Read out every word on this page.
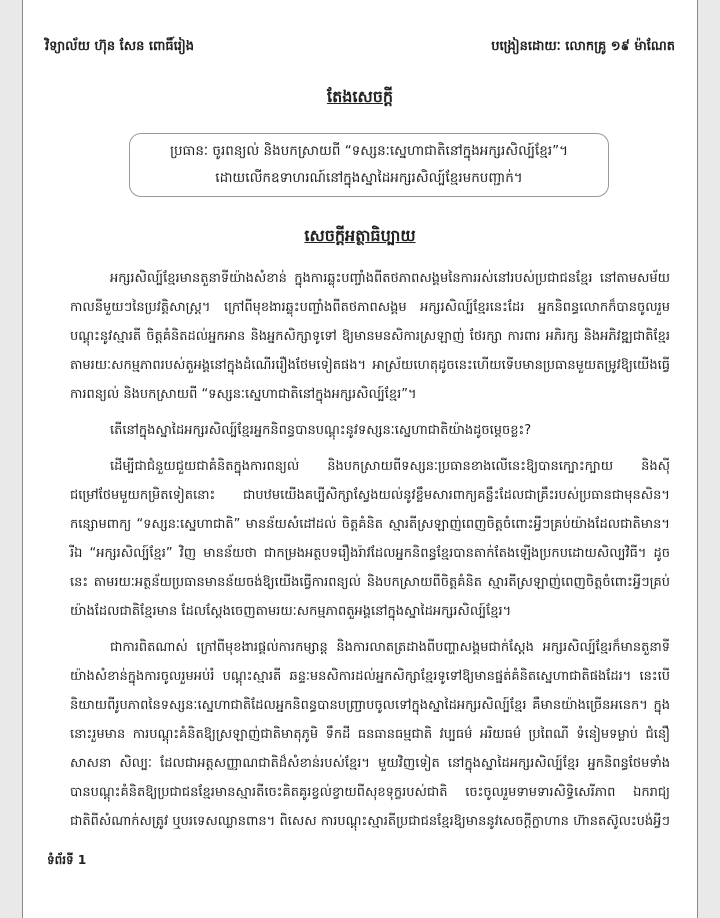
វិទ្យាល័យ ហ៊ុន សែន ពោធិ៍រៀង	បង្រៀនដោយៈ លោកគ្រូ ១៩ ម៉ាណែត
តែងសេចក្តី
ប្រធានៈ ចូរពន្យល់ និងបកស្រាយពី “ទស្សនៈស្នេហាជាតិនៅក្នុងអក្សរសិល្ប៍ខ្មែរ”។
ដោយលើកឧទាហរណ៍នៅក្នុងស្នាដៃអក្សរសិល្ប៍ខ្មែរមកបញ្ជាក់។
សេចក្តីអត្ថាធិប្បាយ

អក្សរសិល្ប៍ខ្មែរមានតួនាទីយ៉ាងសំខាន់ ក្នុងការឆ្លុះបញ្ចាំងពីតថភាពសង្គមនៃការរស់នៅរបស់ប្រជាជនខ្មែរ នៅតាមសម័យកាលនីមួយៗនៃប្រវត្តិសាស្ត្រ។ ក្រៅពីមុខងារឆ្លុះបញ្ចាំងពីតថភាពសង្គម អក្សរសិល្ប៍ខ្មែរនេះដែរ អ្នកនិពន្ធលោកក៏បានចូលរួមបណ្តុះនូវស្មារតី ចិត្តគំនិតដល់អ្នកអាន និងអ្នកសិក្សាទូទៅ ឱ្យមានមនសិការស្រឡាញ់ ថែរក្សា ការពារ អភិរក្ស និងអភិវឌ្ឍជាតិខ្មែរ តាមរយៈសកម្មភាពរបស់តួអង្គនៅក្នុងដំណើររឿងថែមទៀតផង។ អាស្រ័យហេតុដូចនេះហើយទើបមានប្រធានមួយតម្រូវឱ្យយើងធ្វើការពន្យល់ និងបកស្រាយពី “ទស្សនៈស្នេហាជាតិនៅក្នុងអក្សរសិល្ប៍ខ្មែរ”។

តើនៅក្នុងស្នាដៃអក្សរសិល្ប៍ខ្មែរអ្នកនិពន្ធបានបណ្តុះនូវទស្សនៈស្នេហាជាតិយ៉ាងដូចម្តេចខ្លះ?

ដើម្បីជាជំនួយជួយជាគំនិតក្នុងការពន្យល់ និងបកស្រាយពីទស្សនៈប្រធានខាងលើនេះឱ្យបានក្បោះក្បាយ និងស៊ីជម្រៅថែមមួយកម្រិតទៀតនោះ ជាបឋមយើងគប្បីសិក្សាស្វែងយល់នូវខ្លឹមសារពាក្យគន្លឹះដែលជាគ្រឹះរបស់ប្រធានជាមុនសិន។ កន្សោមពាក្យ “ទស្សនៈស្នេហាជាតិ” មានន័យសំដៅដល់ ចិត្តគំនិត ស្មារតីស្រឡាញ់ពេញចិត្តចំពោះអ្វីៗគ្រប់យ៉ាងដែលជាតិមាន។ រីឯ “អក្សរសិល្ប៍ខ្មែរ” វិញ មានន័យថា ជាកម្រងអត្ថបទរឿងរ៉ាវដែលអ្នកនិពន្ធខ្មែរបានតាក់តែងឡើងប្រកបដោយសិល្បវិធី។ ដូចនេះ តាមរយៈអត្ថន័យប្រធានមានន័យចង់ឱ្យយើងធ្វើការពន្យល់ និងបកស្រាយពីចិត្តគំនិត ស្មារតីស្រឡាញ់ពេញចិត្តចំពោះអ្វីៗគ្រប់យ៉ាងដែលជាតិខ្មែរមាន ដែលស្តែងចេញតាមរយៈសកម្មភាពតួអង្គនៅក្នុងស្នាដៃអក្សរសិល្ប៍ខ្មែរ។

ជាការពិតណាស់ ក្រៅពីមុខងារផ្តល់ការកម្សាន្ត និងការលាតត្រដាងពីបញ្ហាសង្គមជាក់ស្តែង អក្សរសិល្ប៍ខ្មែរក៏មានតួនាទីយ៉ាងសំខាន់ក្នុងការចូលរួមអប់រំ បណ្តុះស្មារតី ឆន្ទៈមនសិការដល់អ្នកសិក្សាខ្មែរទូទៅឱ្យមានផ្នត់គំនិតស្នេហាជាតិផងដែរ។ នេះបើនិយាយពីរូបភាពនៃទស្សនៈស្នេហាជាតិដែលអ្នកនិពន្ធបានបញ្ជ្រាបចូលទៅក្នុងស្នាដៃអក្សរសិល្ប៍ខ្មែរ គឺមានយ៉ាងច្រើនអនេក។ ក្នុងនោះរួមមាន ការបណ្តុះគំនិតឱ្យស្រឡាញ់ជាតិមាតុភូមិ ទឹកដី ធនធានធម្មជាតិ វប្បធម៌ អរិយធម៌ ប្រពៃណី ទំនៀមទម្លាប់ ជំនឿ សាសនា សិល្បៈ ដែលជាអត្តសញ្ញាណជាតិដ៏សំខាន់របស់ខ្មែរ។ មួយវិញទៀត នៅក្នុងស្នាដៃអក្សរសិល្ប៍ខ្មែរ អ្នកនិពន្ធថែមទាំងបានបណ្តុះគំនិតឱ្យប្រជាជនខ្មែរមានស្មារតីចេះគិតគូរខ្វល់ខ្វាយពីសុខទុក្ខរបស់ជាតិ ចេះចូលរួមទាមទារសិទ្ធិសេរីភាព ឯករាជ្យជាតិពីសំណាក់សត្រូវ ឬបរទេសឈ្លានពាន។ ពិសេស ការបណ្តុះស្មារតីប្រជាជនខ្មែរឱ្យមាននូវសេចក្តីក្លាហាន ហ៊ានតស៊ូលះបង់អ្វីៗ

ទំព័រទី 1
